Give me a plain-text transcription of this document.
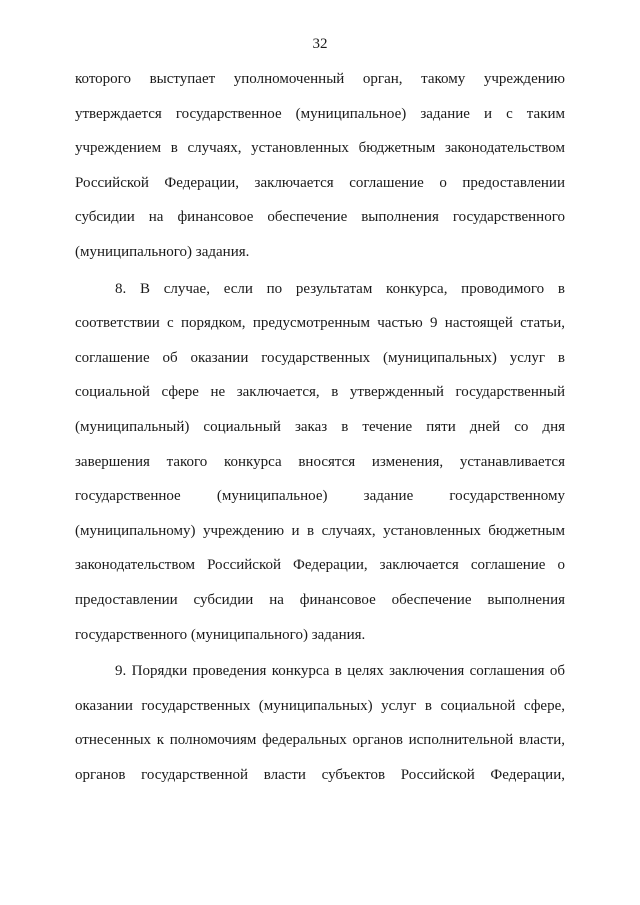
32
которого выступает уполномоченный орган, такому учреждению
утверждается государственное (муниципальное) задание и с таким
учреждением в случаях, установленных бюджетным законодательством
Российской Федерации, заключается соглашение о предоставлении
субсидии на финансовое обеспечение выполнения государственного
(муниципального) задания.
8. В случае, если по результатам конкурса, проводимого в
соответствии с порядком, предусмотренным частью 9 настоящей статьи,
соглашение об оказании государственных (муниципальных) услуг в
социальной сфере не заключается, в утвержденный государственный
(муниципальный) социальный заказ в течение пяти дней со дня
завершения такого конкурса вносятся изменения, устанавливается
государственное (муниципальное) задание государственному
(муниципальному) учреждению и в случаях, установленных бюджетным
законодательством Российской Федерации, заключается соглашение о
предоставлении субсидии на финансовое обеспечение выполнения
государственного (муниципального) задания.
9. Порядки проведения конкурса в целях заключения соглашения об
оказании государственных (муниципальных) услуг в социальной сфере,
отнесенных к полномочиям федеральных органов исполнительной власти,
органов государственной власти субъектов Российской Федерации,
